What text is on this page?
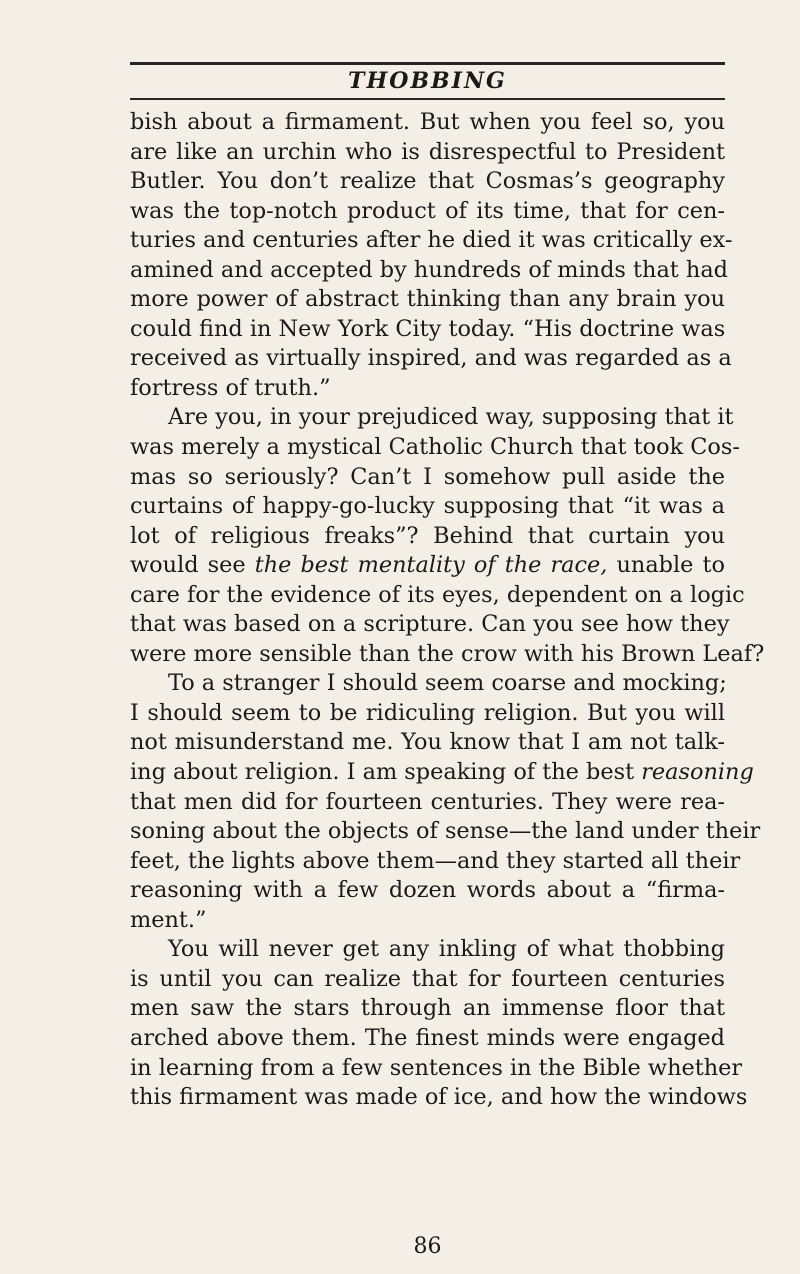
THOBBING
bish about a firmament. But when you feel so, you
are like an urchin who is disrespectful to President
Butler. You don’t realize that Cosmas’s geography
was the top-notch product of its time, that for cen-
turies and centuries after he died it was critically ex-
amined and accepted by hundreds of minds that had
more power of abstract thinking than any brain you
could find in New York City today. “His doctrine was
received as virtually inspired, and was regarded as a
fortress of truth.”
Are you, in your prejudiced way, supposing that it
was merely a mystical Catholic Church that took Cos-
mas so seriously? Can’t I somehow pull aside the
curtains of happy-go-lucky supposing that “it was a
lot of religious freaks”? Behind that curtain you
would see the best mentality of the race, unable to
care for the evidence of its eyes, dependent on a logic
that was based on a scripture. Can you see how they
were more sensible than the crow with his Brown Leaf?
To a stranger I should seem coarse and mocking;
I should seem to be ridiculing religion. But you will
not misunderstand me. You know that I am not talk-
ing about religion. I am speaking of the best reasoning
that men did for fourteen centuries. They were rea-
soning about the objects of sense—the land under their
feet, the lights above them—and they started all their
reasoning with a few dozen words about a “firma-
ment.”
You will never get any inkling of what thobbing
is until you can realize that for fourteen centuries
men saw the stars through an immense floor that
arched above them. The finest minds were engaged
in learning from a few sentences in the Bible whether
this firmament was made of ice, and how the windows
86
